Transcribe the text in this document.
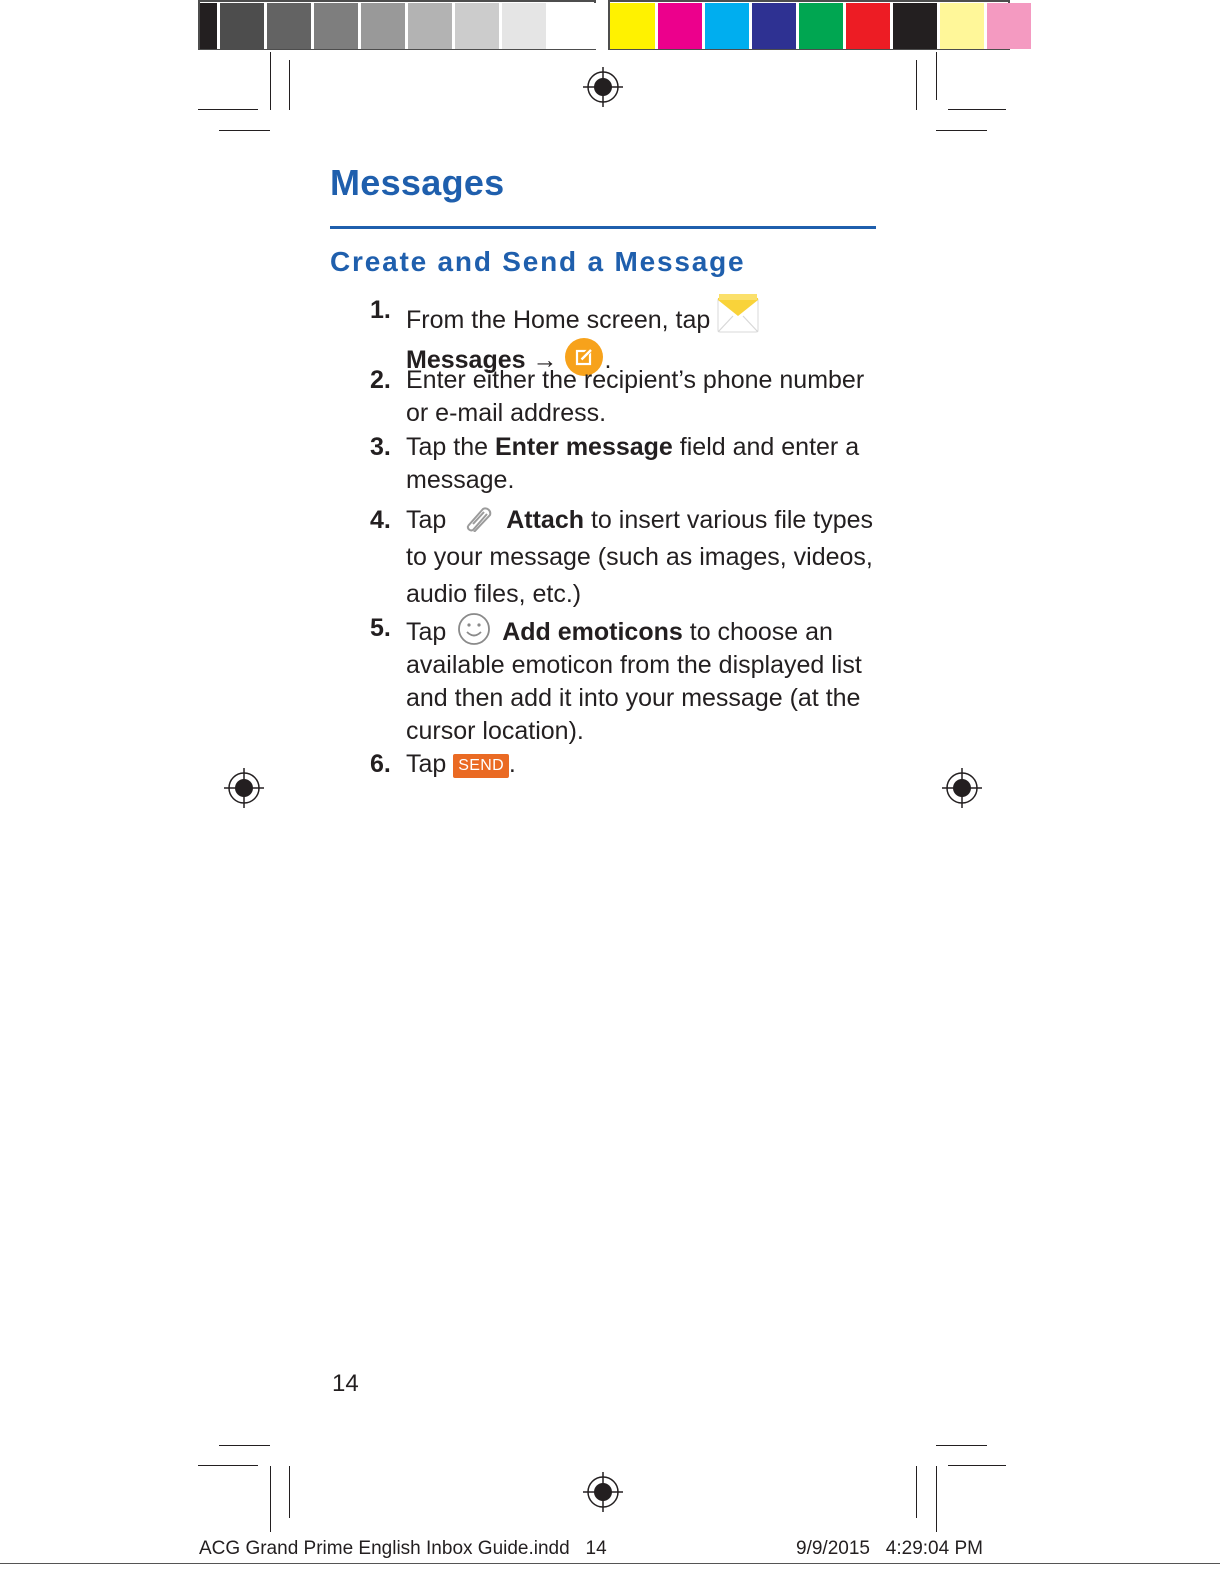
Messages
Create and Send a Message
1. From the Home screen, tap
Messages → .
2. Enter either the recipient’s phone number or e-mail address.
3. Tap the Enter message field and enter a message.
4. Tap Attach to insert various file types to your message (such as images, videos, audio files, etc.)
5. Tap Add emoticons to choose an available emoticon from the displayed list and then add it into your message (at the cursor location).
6. Tap SEND .
14
ACG Grand Prime English Inbox Guide.indd   14	9/9/2015   4:29:04 PM
